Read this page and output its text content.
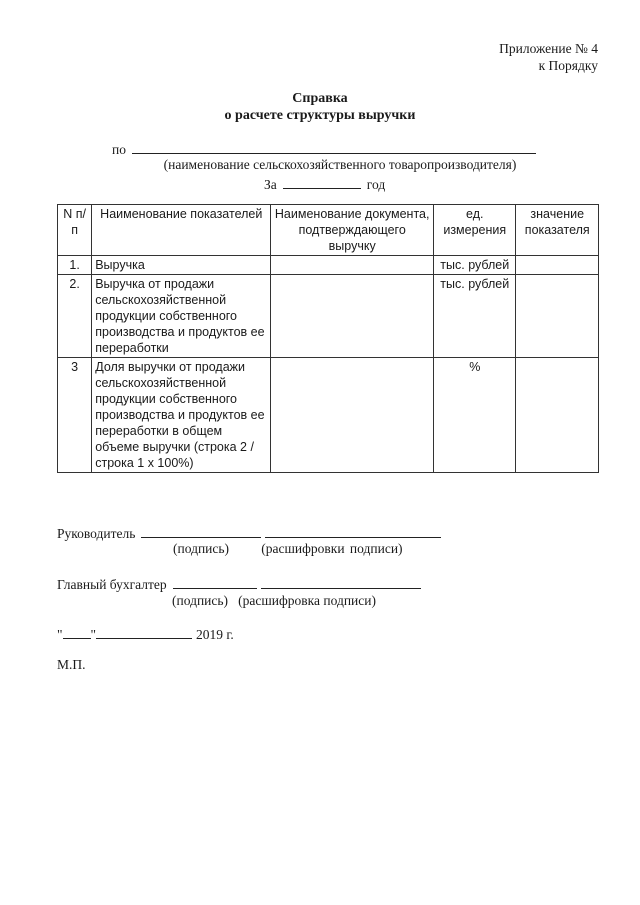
Приложение № 4
к Порядку
Справка
о расчете структуры выручки
по
(наименование сельскохозяйственного товаропроизводителя)
За	год
N п/п	Наименование показателей	Наименование документа, подтверждающего выручку	ед. измерения	значение показателя
1.	Выручка		тыс. рублей	
2.	Выручка от продажи сельскохозяйственной продукции собственного производства и продуктов ее переработки		тыс. рублей	
3	Доля выручки от продажи сельскохозяйственной продукции собственного производства и продуктов ее переработки в общем объеме выручки (строка 2 / строка 1 x 100%)		%	
Руководитель
(подпись)      (расшифровки подписи)
Главный бухгалтер
(подпись)   (расшифровка подписи)
" "	2019 г.
М.П.
